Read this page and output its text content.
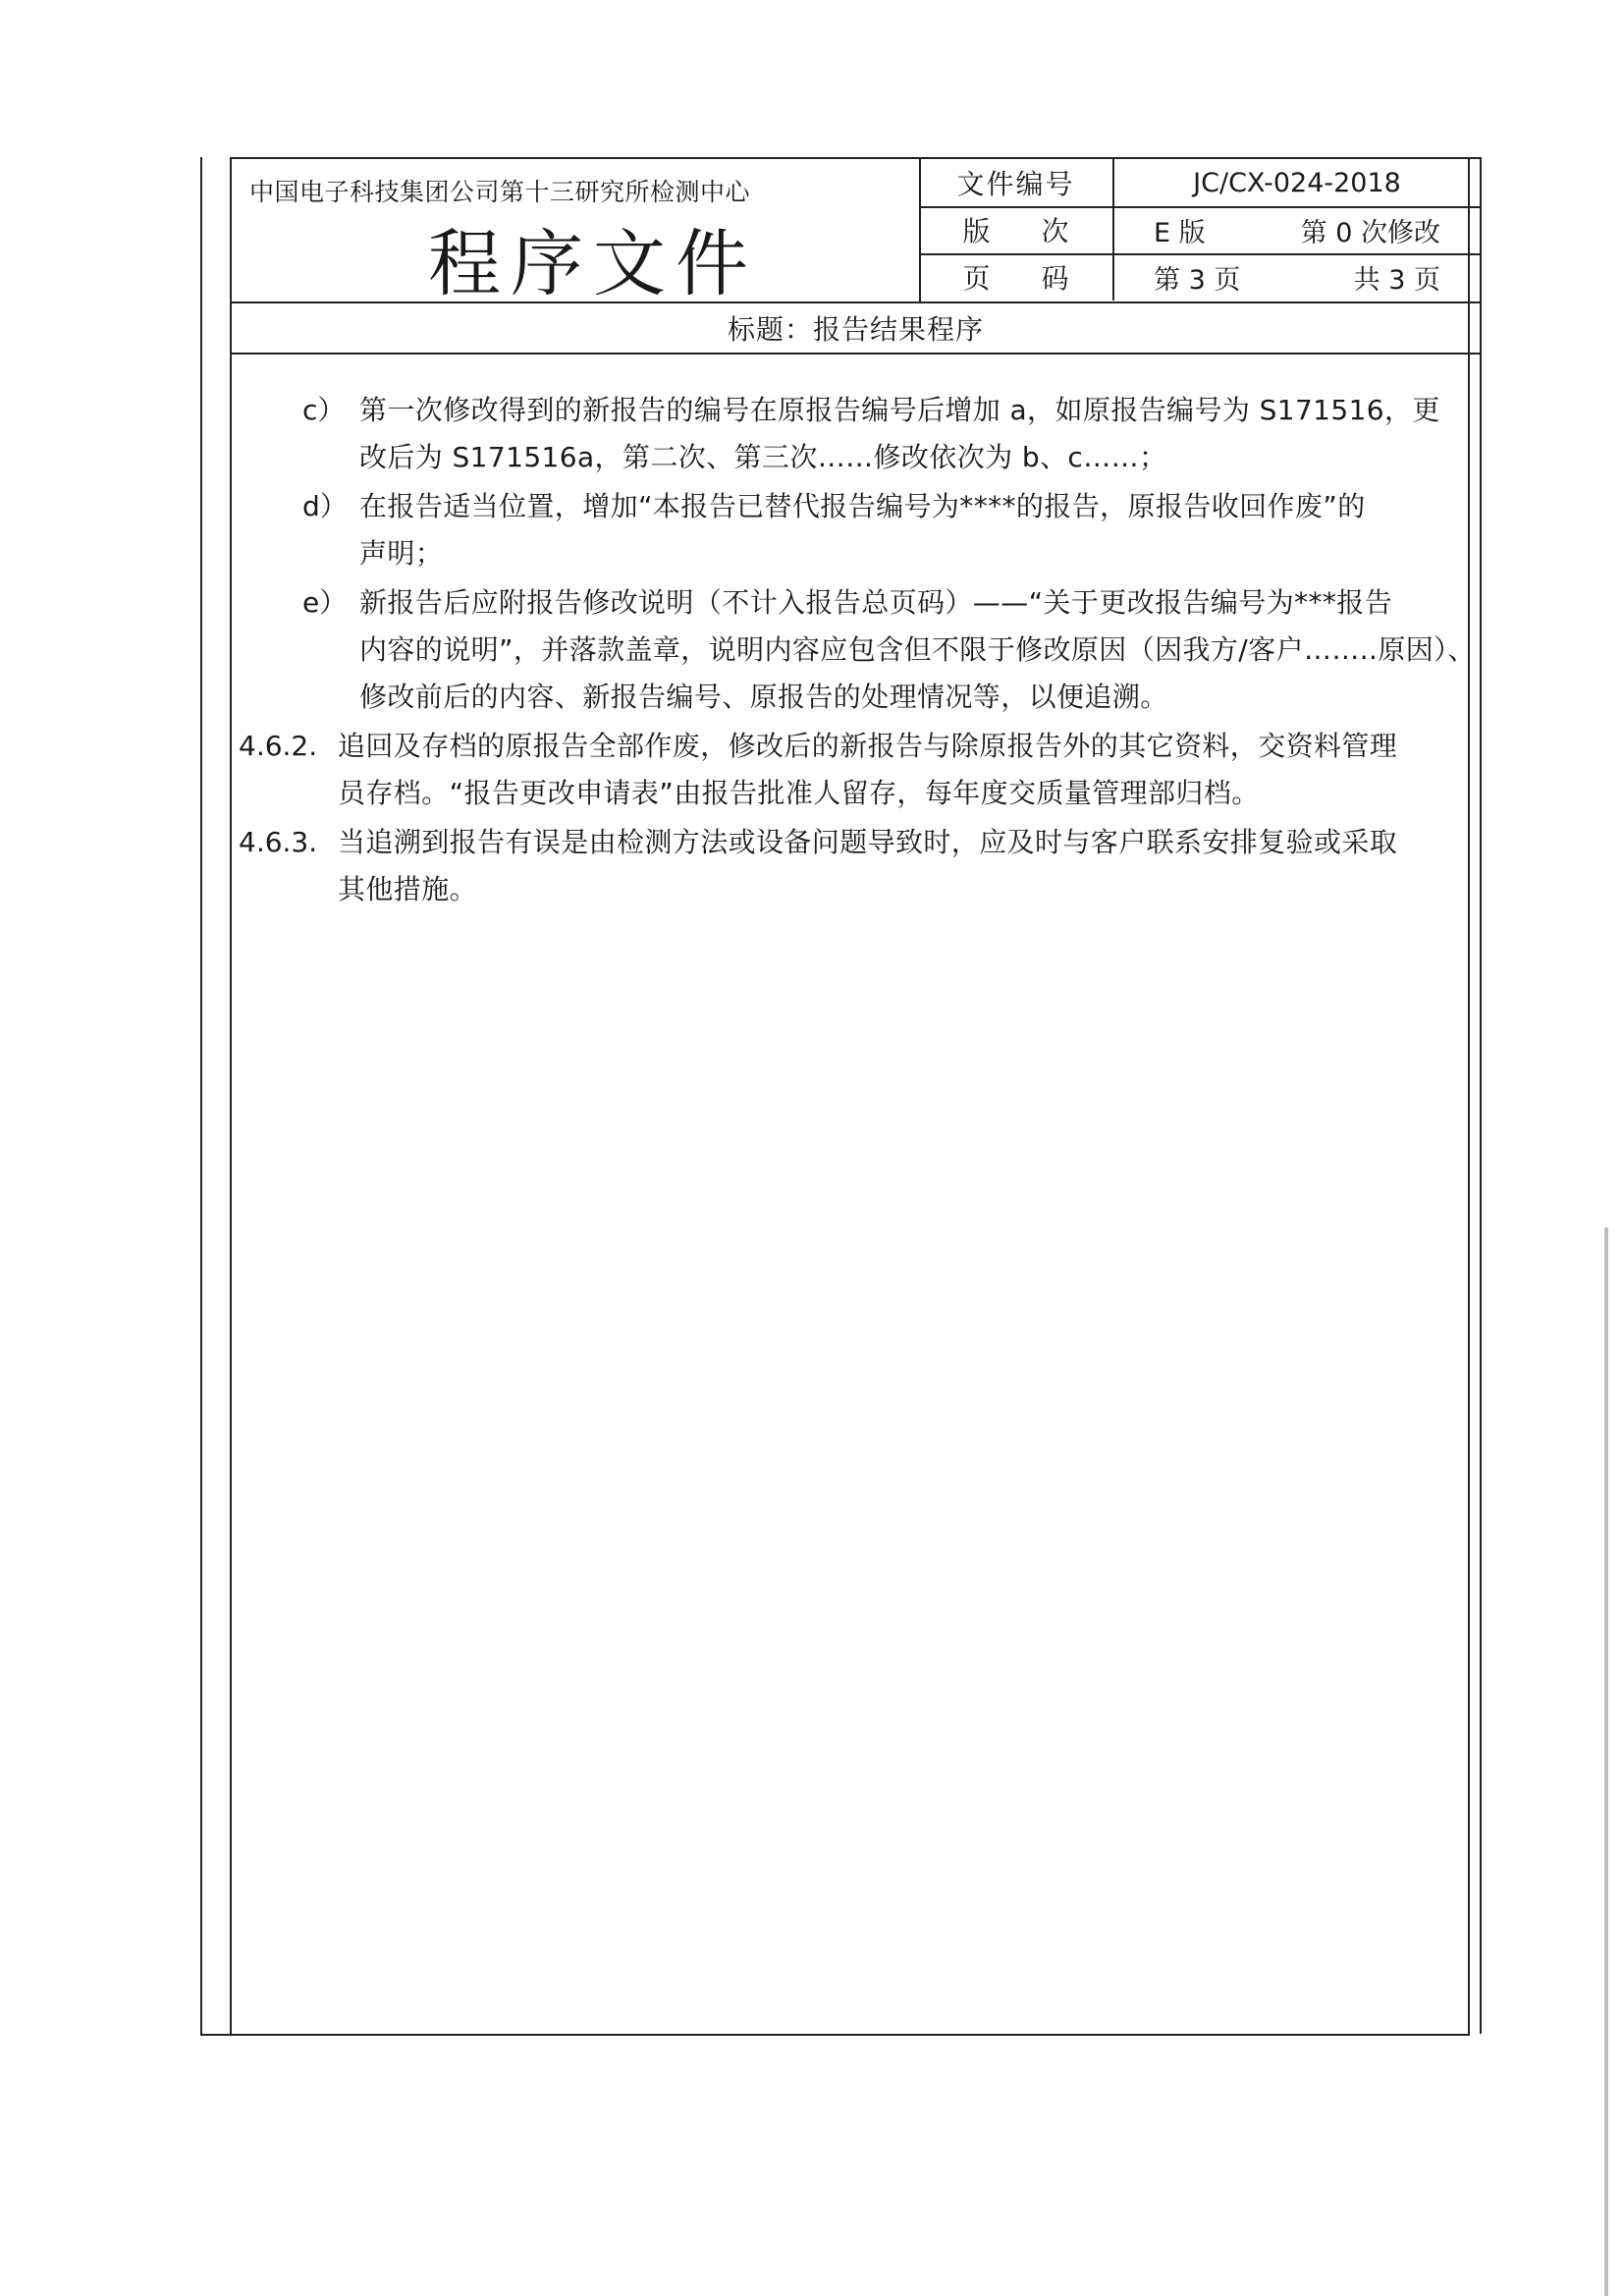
中国电子科技集团公司第十三研究所检测中心
程序文件
文件编号	JC/CX-024-2018
版次 E 版	第 0 次修改
页码 第 3 页	共 3 页
标题：报告结果程序
c） 第一次修改得到的新报告的编号在原报告编号后增加 a，如原报告编号为 S171516，更
改后为 S171516a，第二次、第三次……修改依次为 b、c……；
d） 在报告适当位置，增加“本报告已替代报告编号为****的报告，原报告收回作废”的
声明；
e） 新报告后应附报告修改说明（不计入报告总页码）——“关于更改报告编号为***报告
内容的说明”，并落款盖章，说明内容应包含但不限于修改原因（因我方/客户……..原因）、
修改前后的内容、新报告编号、原报告的处理情况等，以便追溯。
4.6.2. 追回及存档的原报告全部作废，修改后的新报告与除原报告外的其它资料，交资料管理
员存档。“报告更改申请表”由报告批准人留存，每年度交质量管理部归档。
4.6.3. 当追溯到报告有误是由检测方法或设备问题导致时，应及时与客户联系安排复验或采取
其他措施。
